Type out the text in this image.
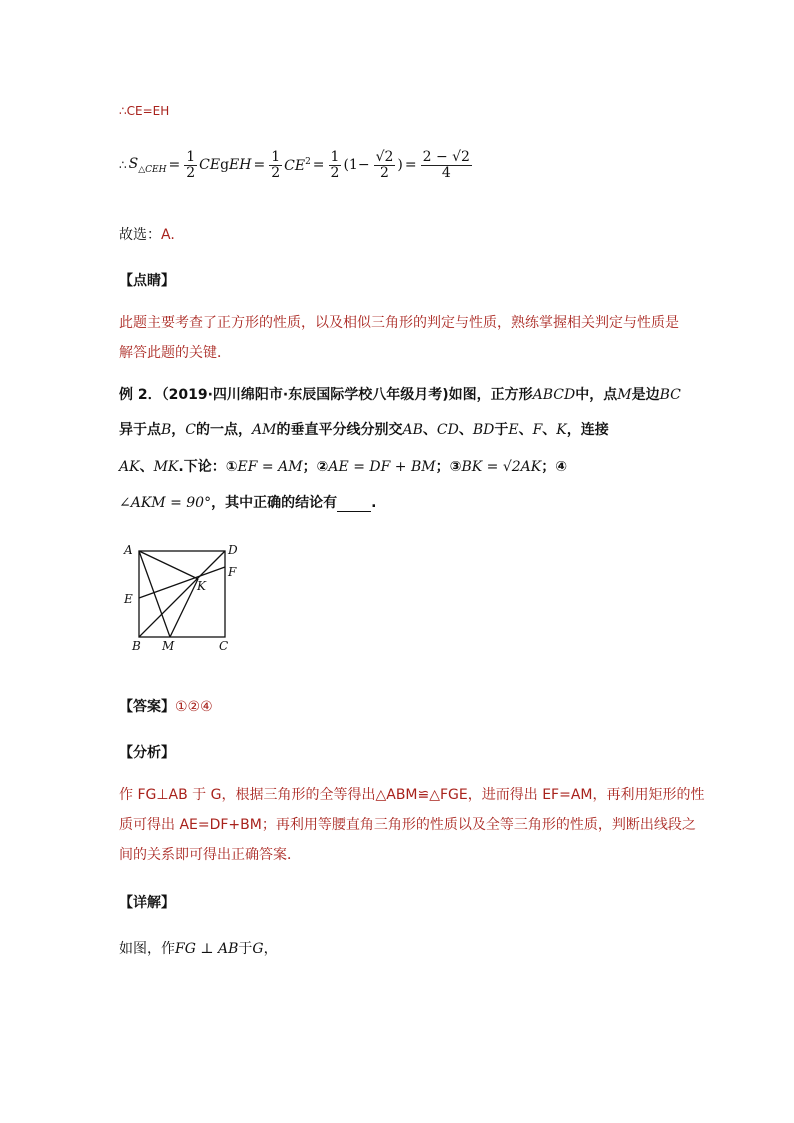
∴CE=EH
∴ $S_{\triangle CEH} = \frac{1}{2}$ CEgEH = $\frac{1}{2} CE^2 = \frac{1}{2} (1- \frac{√2}{2}$ ) = $\frac{2 - √2}{4}$
故选：A.
【点睛】
此题主要考查了正方形的性质，以及相似三角形的判定与性质，熟练掌握相关判定与性质是
解答此题的关键．
例 2．（2019·四川绵阳市·东辰国际学校八年级月考)如图，正方形ABCD中，点M是边BC
异于点B，C的一点，AM的垂直平分线分别交AB、CD、BD于E、F、K，连接
AK、MK.下论：①EF = AM；②AE = DF + BM；③BK = √2AK；④
∠AKM = 90°，其中正确的结论有 .
A	D
F
K
E
B M	C
【答案】①②④
【分析】
作 FG⊥AB 于 G，根据三角形的全等得出△ABM≌△FGE，进而得出 EF=AM，再利用矩形的性
质可得出 AE=DF+BM；再利用等腰直角三角形的性质以及全等三角形的性质，判断出线段之
间的关系即可得出正确答案．
【详解】
如图，作FG ⊥ AB于G，
